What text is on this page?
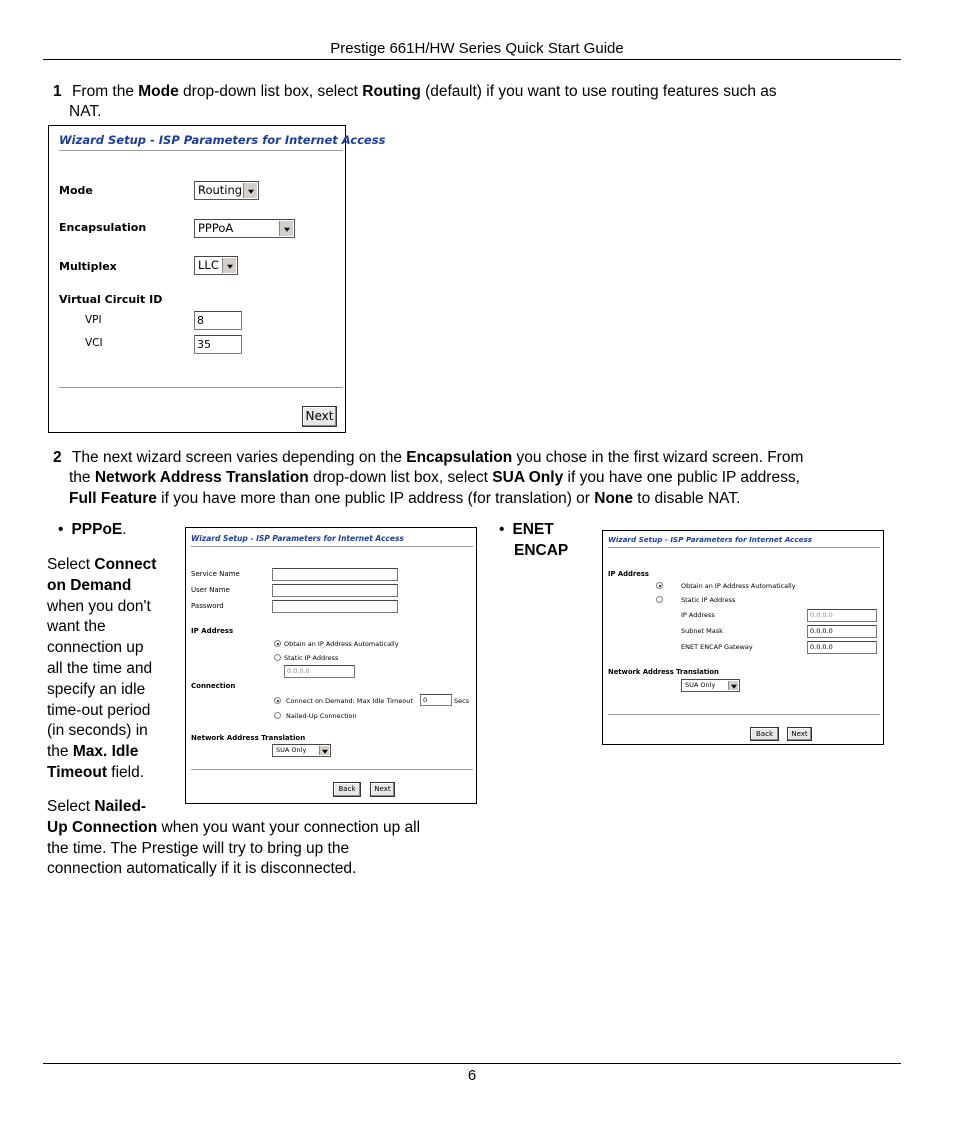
Prestige 661H/HW Series Quick Start Guide
1 From the Mode drop-down list box, select Routing (default) if you want to use routing features such as
NAT.
Wizard Setup - ISP Parameters for Internet Access
Mode	Routing
Encapsulation	PPPoA
Multiplex	LLC
Virtual Circuit ID
VPI	8
VCI	35
Next
2 The next wizard screen varies depending on the Encapsulation you chose in the first wizard screen. From
the Network Address Translation drop-down list box, select SUA Only if you have one public IP address,
Full Feature if you have more than one public IP address (for translation) or None to disable NAT.
• PPPoE.
Select Connect
on Demand
when you don't
want the
connection up
all the time and
specify an idle
time-out period
(in seconds) in
the Max. Idle
Timeout field.
Select Nailed-
Up Connection when you want your connection up all
the time. The Prestige will try to bring up the
connection automatically if it is disconnected.
Wizard Setup - ISP Parameters for Internet Access
Service Name
User Name
Password
IP Address
Obtain an IP Address Automatically
Static IP Address
0.0.0.0
Connection
Connect on Demand: Max Idle Timeout	0	Secs
Nailed-Up Connection
Network Address Translation
SUA Only
Back	Next
• ENET
ENCAP
Wizard Setup - ISP Parameters for Internet Access
IP Address
Obtain an IP Address Automatically
Static IP Address
IP Address	0.0.0.0
Subnet Mask	0.0.0.0
ENET ENCAP Gateway	0.0.0.0
Network Address Translation
SUA Only
Back	Next
6
